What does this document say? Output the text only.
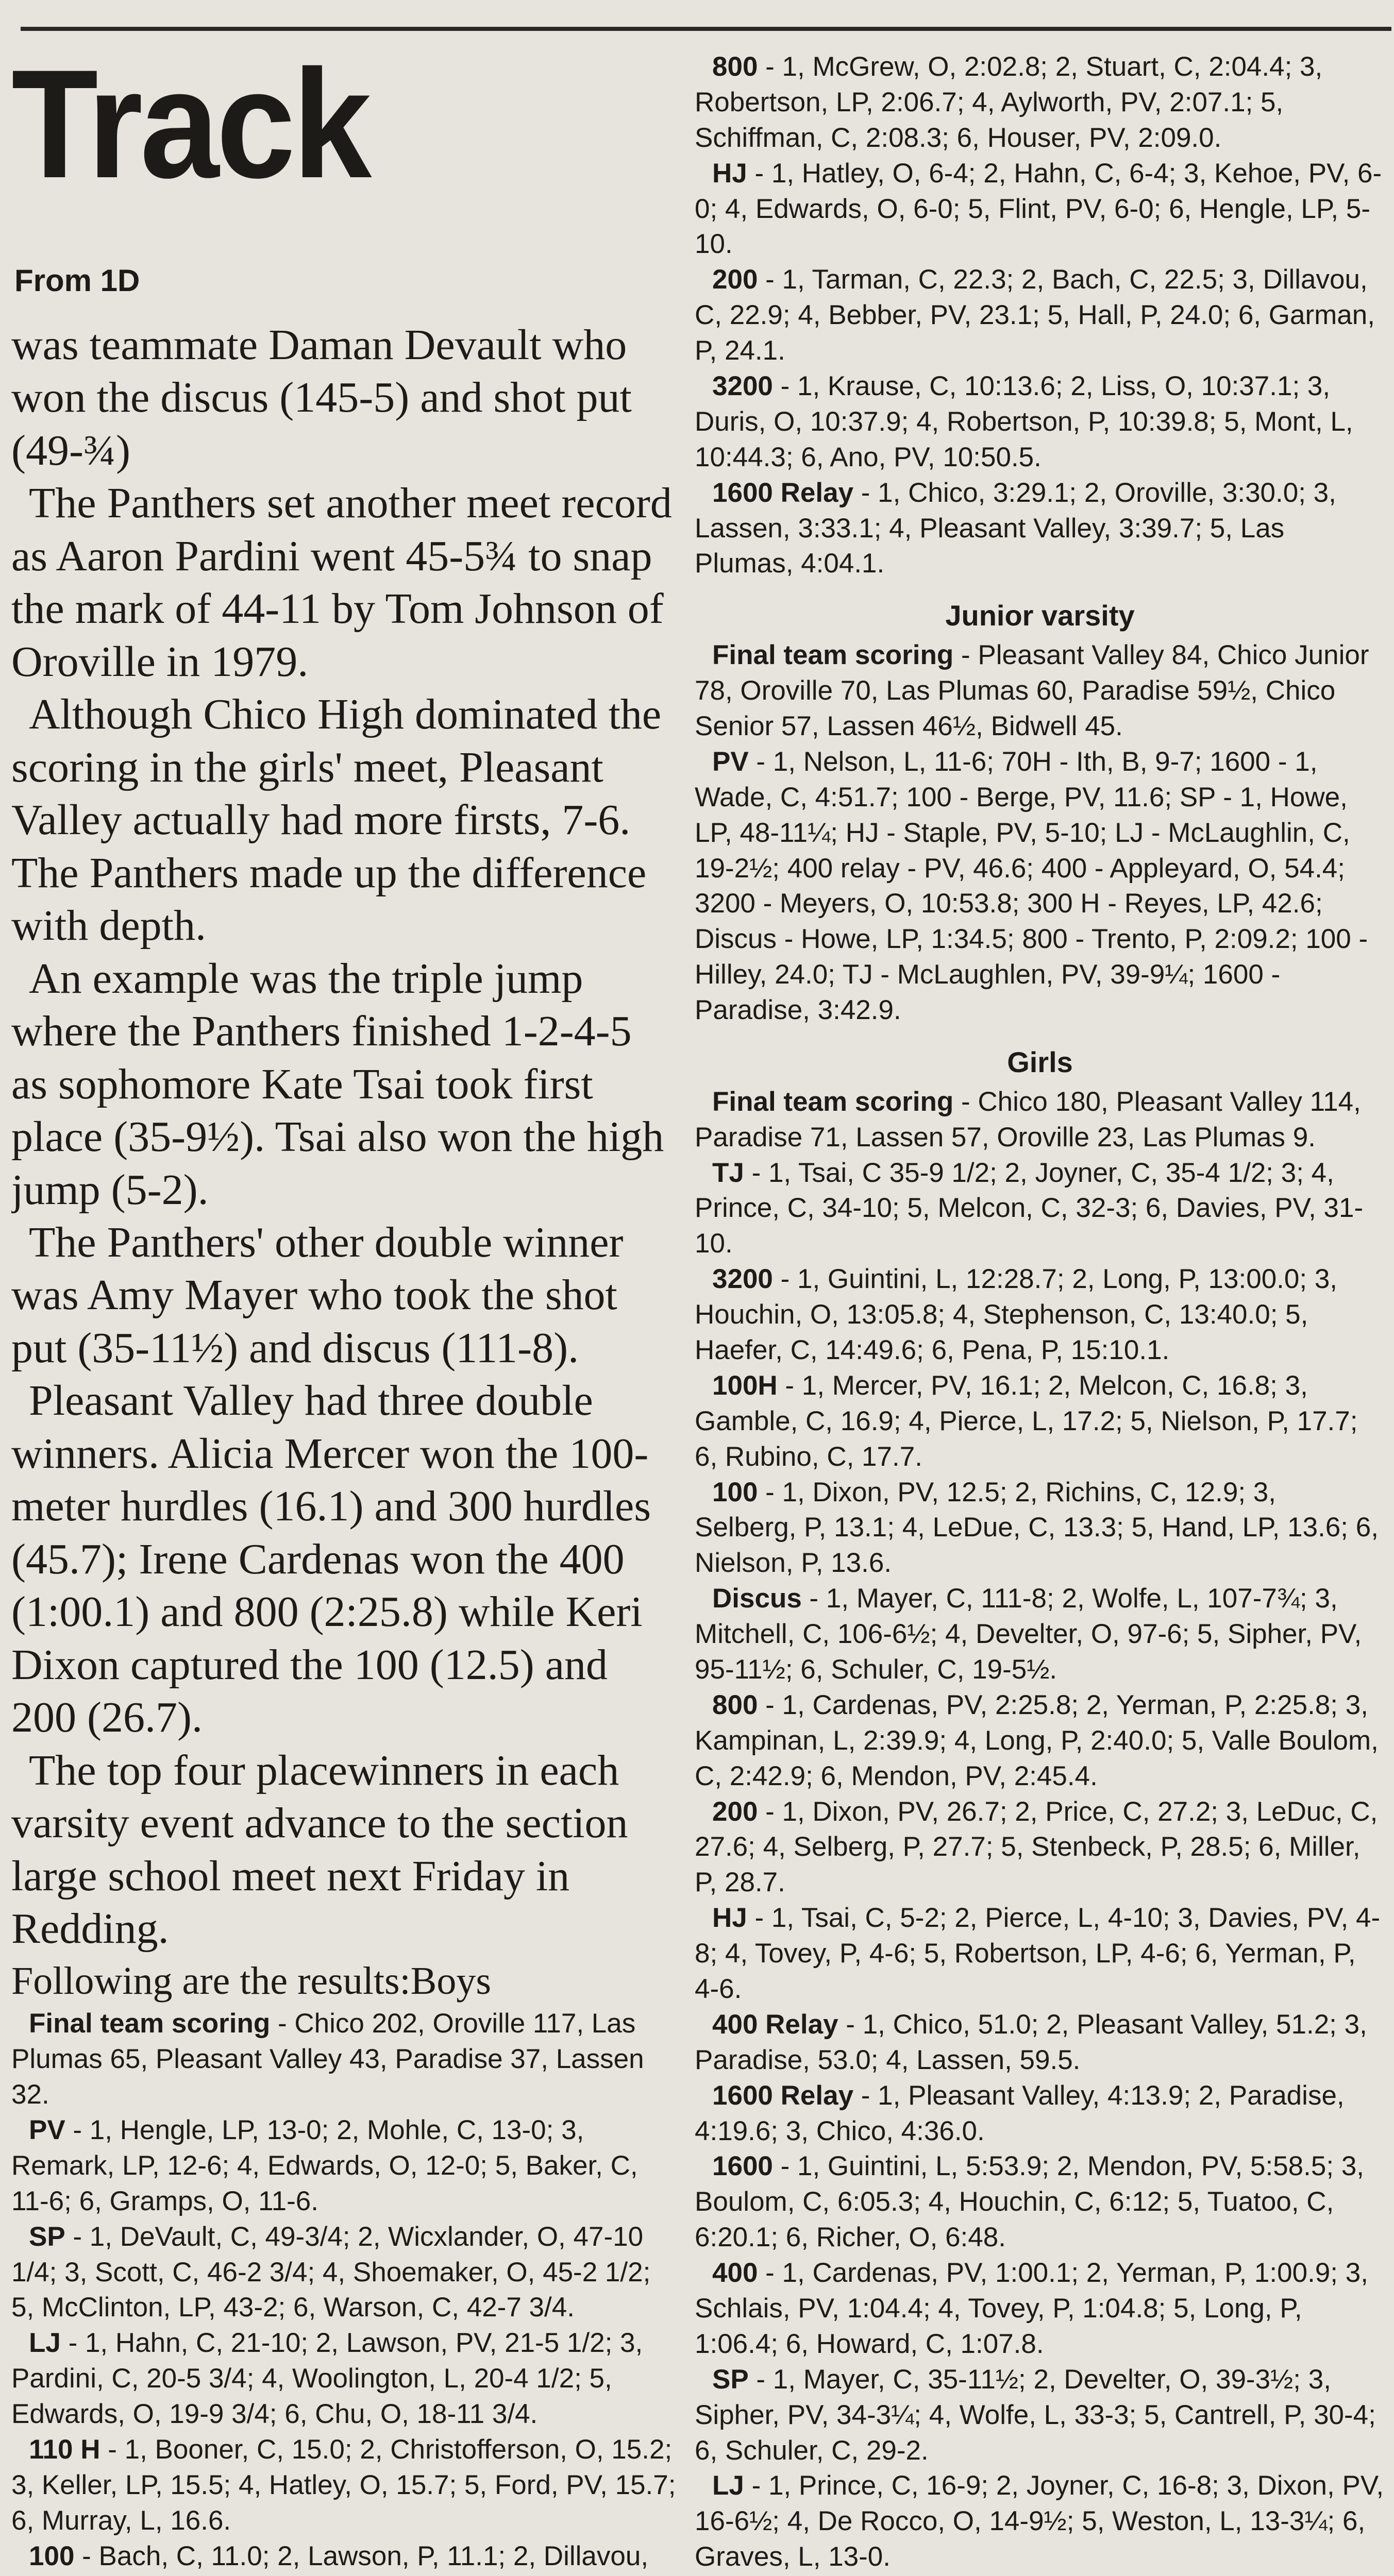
Track
From 1D

was teammate Daman Devault who won the discus (145-5) and shot put (49-¾)

The Panthers set another meet record as Aaron Pardini went 45-5¾ to snap the mark of 44-11 by Tom Johnson of Oroville in 1979.

Although Chico High dominated the scoring in the girls' meet, Pleasant Valley actually had more firsts, 7-6. The Panthers made up the difference with depth.

An example was the triple jump where the Panthers finished 1-2-4-5 as sophomore Kate Tsai took first place (35-9½). Tsai also won the high jump (5-2).

The Panthers' other double winner was Amy Mayer who took the shot put (35-11½) and discus (111-8).

Pleasant Valley had three double winners. Alicia Mercer won the 100-meter hurdles (16.1) and 300 hurdles (45.7); Irene Cardenas won the 400 (1:00.1) and 800 (2:25.8) while Keri Dixon captured the 100 (12.5) and 200 (26.7).

The top four placewinners in each varsity event advance to the section large school meet next Friday in Redding.

Following are the results:Boys

Final team scoring - Chico 202, Oroville 117, Las Plumas 65, Pleasant Valley 43, Paradise 37, Lassen 32.

PV - 1, Hengle, LP, 13-0; 2, Mohle, C, 13-0; 3, Remark, LP, 12-6; 4, Edwards, O, 12-0; 5, Baker, C, 11-6; 6, Gramps, O, 11-6.

SP - 1, DeVault, C, 49-3/4; 2, Wicxlander, O, 47-10 1/4; 3, Scott, C, 46-2 3/4; 4, Shoemaker, O, 45-2 1/2; 5, McClinton, LP, 43-2; 6, Warson, C, 42-7 3/4.

LJ - 1, Hahn, C, 21-10; 2, Lawson, PV, 21-5 1/2; 3, Pardini, C, 20-5 3/4; 4, Woolington, L, 20-4 1/2; 5, Edwards, O, 19-9 3/4; 6, Chu, O, 18-11 3/4.

110 H - 1, Booner, C, 15.0; 2, Christofferson, O, 15.2; 3, Keller, LP, 15.5; 4, Hatley, O, 15.7; 5, Ford, PV, 15.7; 6, Murray, L, 16.6.

100 - Bach, C, 11.0; 2, Lawson, P, 11.1; 2, Dillavou,

800 - 1, McGrew, O, 2:02.8; 2, Stuart, C, 2:04.4; 3, Robertson, LP, 2:06.7; 4, Aylworth, PV, 2:07.1; 5, Schiffman, C, 2:08.3; 6, Houser, PV, 2:09.0.

HJ - 1, Hatley, O, 6-4; 2, Hahn, C, 6-4; 3, Kehoe, PV, 6-0; 4, Edwards, O, 6-0; 5, Flint, PV, 6-0; 6, Hengle, LP, 5-10.

200 - 1, Tarman, C, 22.3; 2, Bach, C, 22.5; 3, Dillavou, C, 22.9; 4, Bebber, PV, 23.1; 5, Hall, P, 24.0; 6, Garman, P, 24.1.

3200 - 1, Krause, C, 10:13.6; 2, Liss, O, 10:37.1; 3, Duris, O, 10:37.9; 4, Robertson, P, 10:39.8; 5, Mont, L, 10:44.3; 6, Ano, PV, 10:50.5.

1600 Relay - 1, Chico, 3:29.1; 2, Oroville, 3:30.0; 3, Lassen, 3:33.1; 4, Pleasant Valley, 3:39.7; 5, Las Plumas, 4:04.1.

Junior varsity

Final team scoring - Pleasant Valley 84, Chico Junior 78, Oroville 70, Las Plumas 60, Paradise 59½, Chico Senior 57, Lassen 46½, Bidwell 45.

PV - 1, Nelson, L, 11-6; 70H - Ith, B, 9-7; 1600 - 1, Wade, C, 4:51.7; 100 - Berge, PV, 11.6; SP - 1, Howe, LP, 48-11¼; HJ - Staple, PV, 5-10; LJ - McLaughlin, C, 19-2½; 400 relay - PV, 46.6; 400 - Appleyard, O, 54.4; 3200 - Meyers, O, 10:53.8; 300 H - Reyes, LP, 42.6; Discus - Howe, LP, 1:34.5; 800 - Trento, P, 2:09.2; 100 - Hilley, 24.0; TJ - McLaughlen, PV, 39-9¼; 1600 - Paradise, 3:42.9.

Girls

Final team scoring - Chico 180, Pleasant Valley 114, Paradise 71, Lassen 57, Oroville 23, Las Plumas 9.

TJ - 1, Tsai, C 35-9 1/2; 2, Joyner, C, 35-4 1/2; 3; 4, Prince, C, 34-10; 5, Melcon, C, 32-3; 6, Davies, PV, 31-10.

3200 - 1, Guintini, L, 12:28.7; 2, Long, P, 13:00.0; 3, Houchin, O, 13:05.8; 4, Stephenson, C, 13:40.0; 5, Haefer, C, 14:49.6; 6, Pena, P, 15:10.1.

100H - 1, Mercer, PV, 16.1; 2, Melcon, C, 16.8; 3, Gamble, C, 16.9; 4, Pierce, L, 17.2; 5, Nielson, P, 17.7; 6, Rubino, C, 17.7.

100 - 1, Dixon, PV, 12.5; 2, Richins, C, 12.9; 3, Selberg, P, 13.1; 4, LeDue, C, 13.3; 5, Hand, LP, 13.6; 6, Nielson, P, 13.6.

Discus - 1, Mayer, C, 111-8; 2, Wolfe, L, 107-7¾; 3, Mitchell, C, 106-6½; 4, Develter, O, 97-6; 5, Sipher, PV, 95-11½; 6, Schuler, C, 19-5½.

800 - 1, Cardenas, PV, 2:25.8; 2, Yerman, P, 2:25.8; 3, Kampinan, L, 2:39.9; 4, Long, P, 2:40.0; 5, Valle Boulom, C, 2:42.9; 6, Mendon, PV, 2:45.4.

200 - 1, Dixon, PV, 26.7; 2, Price, C, 27.2; 3, LeDuc, C, 27.6; 4, Selberg, P, 27.7; 5, Stenbeck, P, 28.5; 6, Miller, P, 28.7.

HJ - 1, Tsai, C, 5-2; 2, Pierce, L, 4-10; 3, Davies, PV, 4-8; 4, Tovey, P, 4-6; 5, Robertson, LP, 4-6; 6, Yerman, P, 4-6.

400 Relay - 1, Chico, 51.0; 2, Pleasant Valley, 51.2; 3, Paradise, 53.0; 4, Lassen, 59.5.

1600 Relay - 1, Pleasant Valley, 4:13.9; 2, Paradise, 4:19.6; 3, Chico, 4:36.0.

1600 - 1, Guintini, L, 5:53.9; 2, Mendon, PV, 5:58.5; 3, Boulom, C, 6:05.3; 4, Houchin, C, 6:12; 5, Tuatoo, C, 6:20.1; 6, Richer, O, 6:48.

400 - 1, Cardenas, PV, 1:00.1; 2, Yerman, P, 1:00.9; 3, Schlais, PV, 1:04.4; 4, Tovey, P, 1:04.8; 5, Long, P, 1:06.4; 6, Howard, C, 1:07.8.

SP - 1, Mayer, C, 35-11½; 2, Develter, O, 39-3½; 3, Sipher, PV, 34-3¼; 4, Wolfe, L, 33-3; 5, Cantrell, P, 30-4; 6, Schuler, C, 29-2.

LJ - 1, Prince, C, 16-9; 2, Joyner, C, 16-8; 3, Dixon, PV, 16-6½; 4, De Rocco, O, 14-9½; 5, Weston, L, 13-3¼; 6, Graves, L, 13-0.
